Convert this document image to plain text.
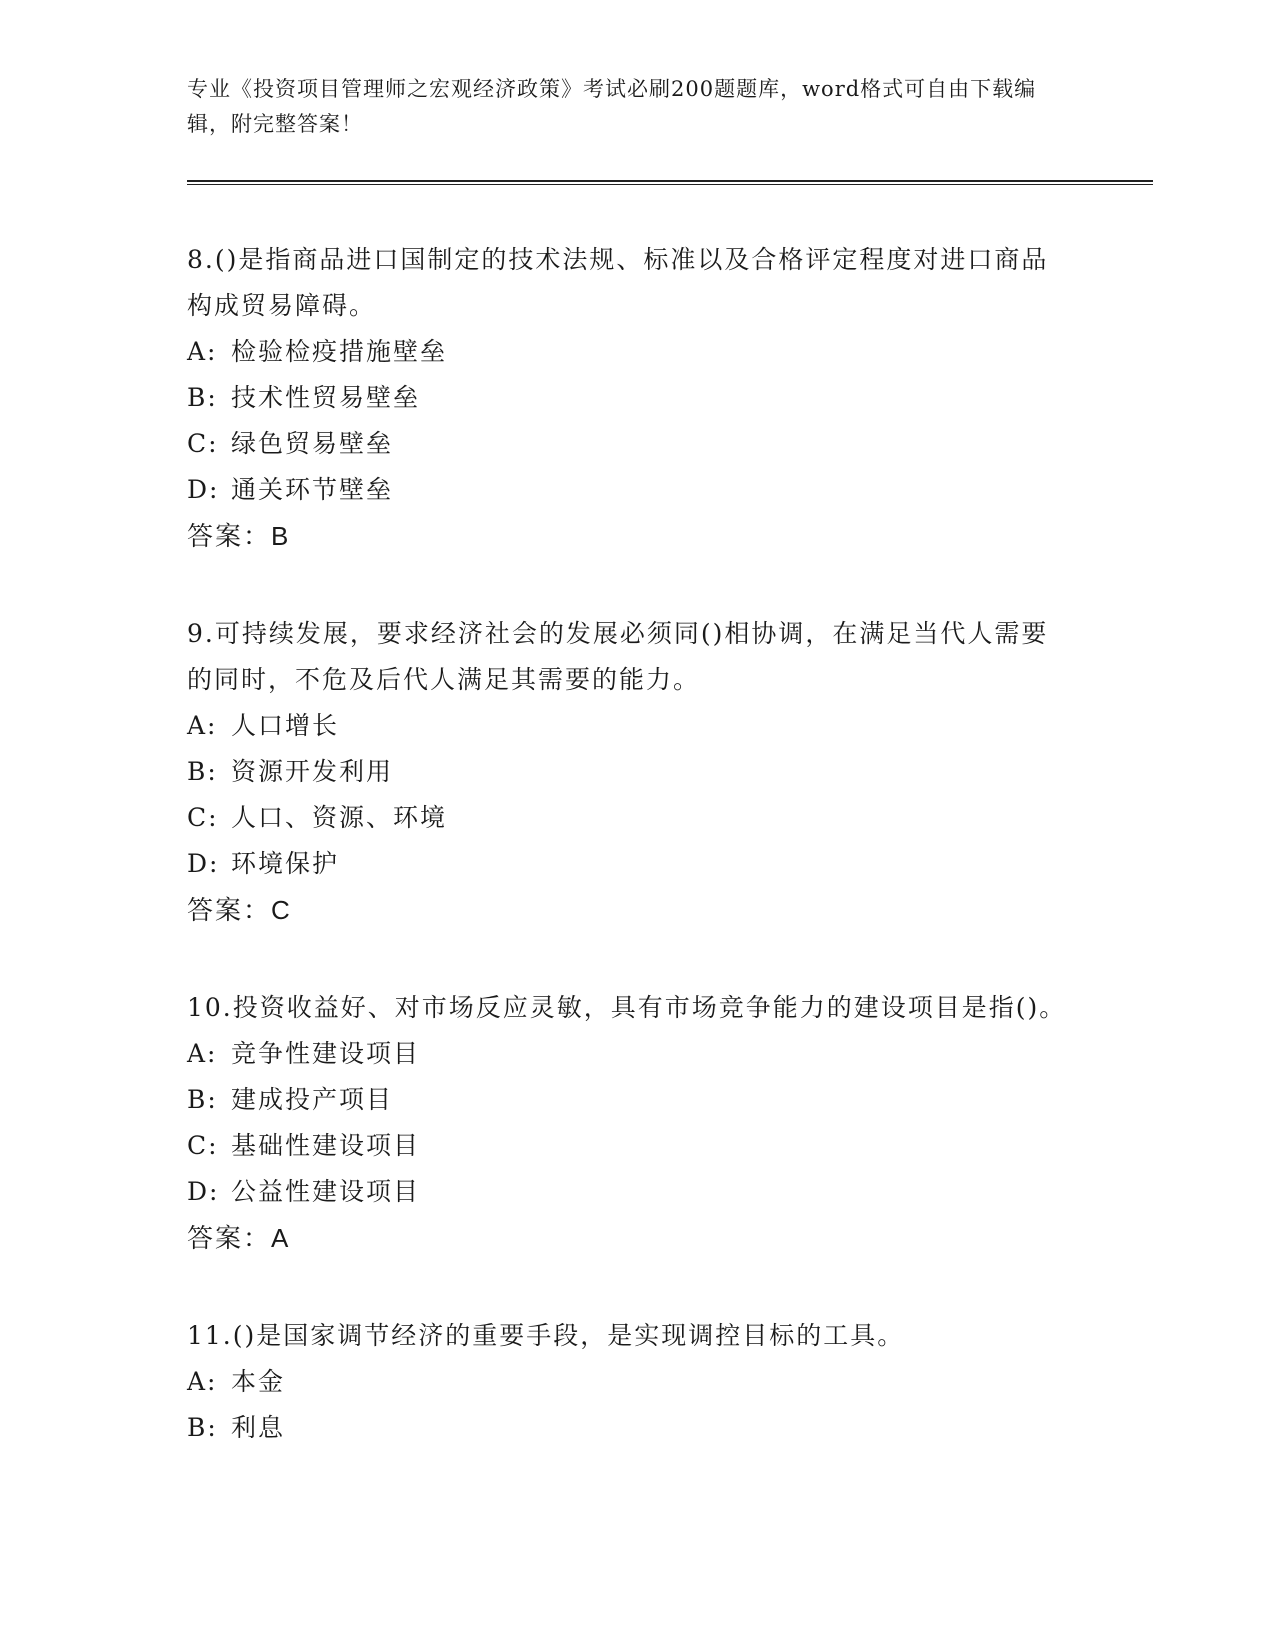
专业《投资项目管理师之宏观经济政策》考试必刷200题题库，word格式可自由下载编辑，附完整答案！

8.()是指商品进口国制定的技术法规、标准以及合格评定程度对进口商品构成贸易障碍。

A: 检验检疫措施壁垒

B: 技术性贸易壁垒

C: 绿色贸易壁垒

D: 通关环节壁垒

答案：B

9.可持续发展，要求经济社会的发展必须同()相协调，在满足当代人需要的同时，不危及后代人满足其需要的能力。

A: 人口增长

B: 资源开发利用

C: 人口、资源、环境

D: 环境保护

答案：C

10.投资收益好、对市场反应灵敏，具有市场竞争能力的建设项目是指()。

A: 竞争性建设项目

B: 建成投产项目

C: 基础性建设项目

D: 公益性建设项目

答案：A

11.()是国家调节经济的重要手段，是实现调控目标的工具。

A: 本金

B: 利息
